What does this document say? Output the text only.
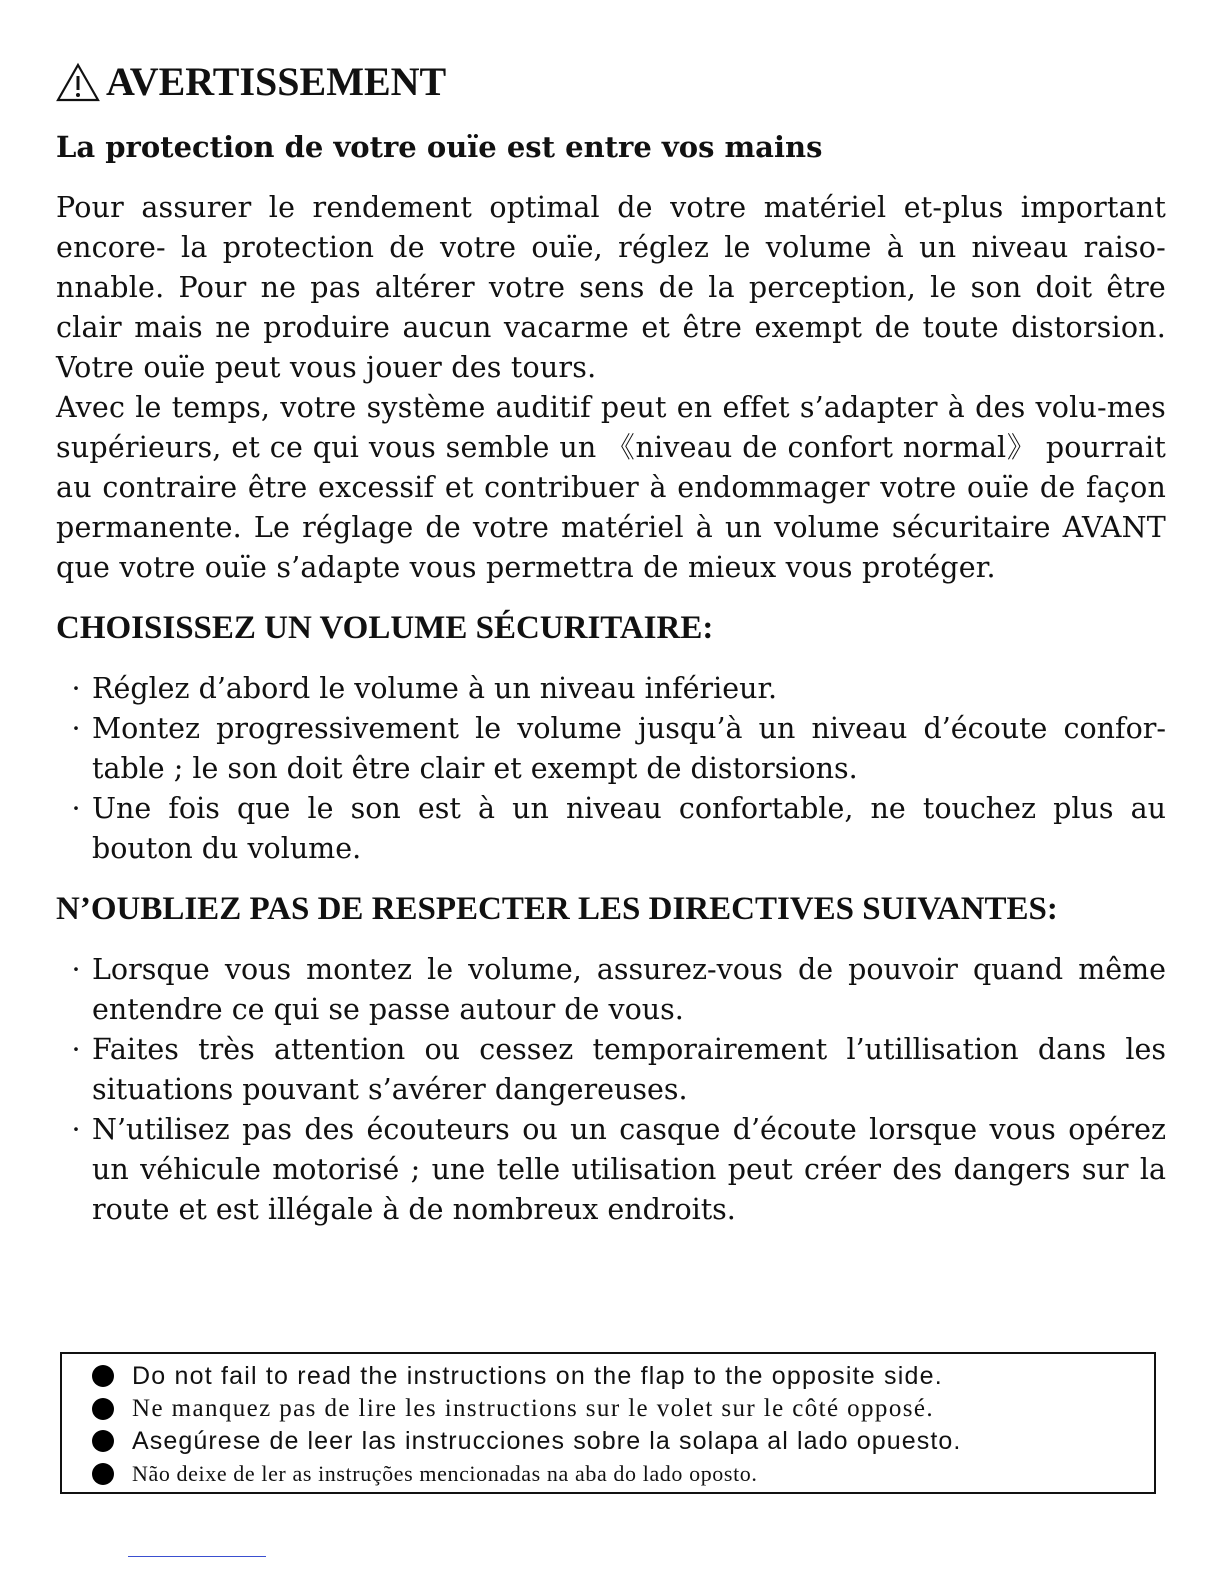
AVERTISSEMENT
La protection de votre ouïe est entre vos mains

Pour assurer le rendement optimal de votre matériel et-plus important encore- la protection de votre ouïe, réglez le volume à un niveau raiso-nnable. Pour ne pas altérer votre sens de la perception, le son doit être clair mais ne produire aucun vacarme et être exempt de toute distorsion. Votre ouïe peut vous jouer des tours.

Avec le temps, votre système auditif peut en effet s’adapter à des volu-mes supérieurs, et ce qui vous semble un 《niveau de confort normal》 pourrait au contraire être excessif et contribuer à endommager votre ouïe de façon permanente. Le réglage de votre matériel à un volume sécuritaire AVANT que votre ouïe s’adapte vous permettra de mieux vous protéger.

CHOISISSEZ UN VOLUME SÉCURITAIRE:
· Réglez d’abord le volume à un niveau inférieur.
· Montez progressivement le volume jusqu’à un niveau d’écoute confor-table ; le son doit être clair et exempt de distorsions.
· Une fois que le son est à un niveau confortable, ne touchez plus au bouton du volume.
N’OUBLIEZ PAS DE RESPECTER LES DIRECTIVES SUIVANTES:
· Lorsque vous montez le volume, assurez-vous de pouvoir quand même entendre ce qui se passe autour de vous.
· Faites très attention ou cessez temporairement l’utillisation dans les situations pouvant s’avérer dangereuses.
· N’utilisez pas des écouteurs ou un casque d’écoute lorsque vous opérez un véhicule motorisé ; une telle utilisation peut créer des dangers sur la route et est illégale à de nombreux endroits.
Do not fail to read the instructions on the flap to the opposite side.
Ne manquez pas de lire les instructions sur le volet sur le côté opposé.
Asegúrese de leer las instrucciones sobre la solapa al lado opuesto.
Não deixe de ler as instruções mencionadas na aba do lado oposto.
